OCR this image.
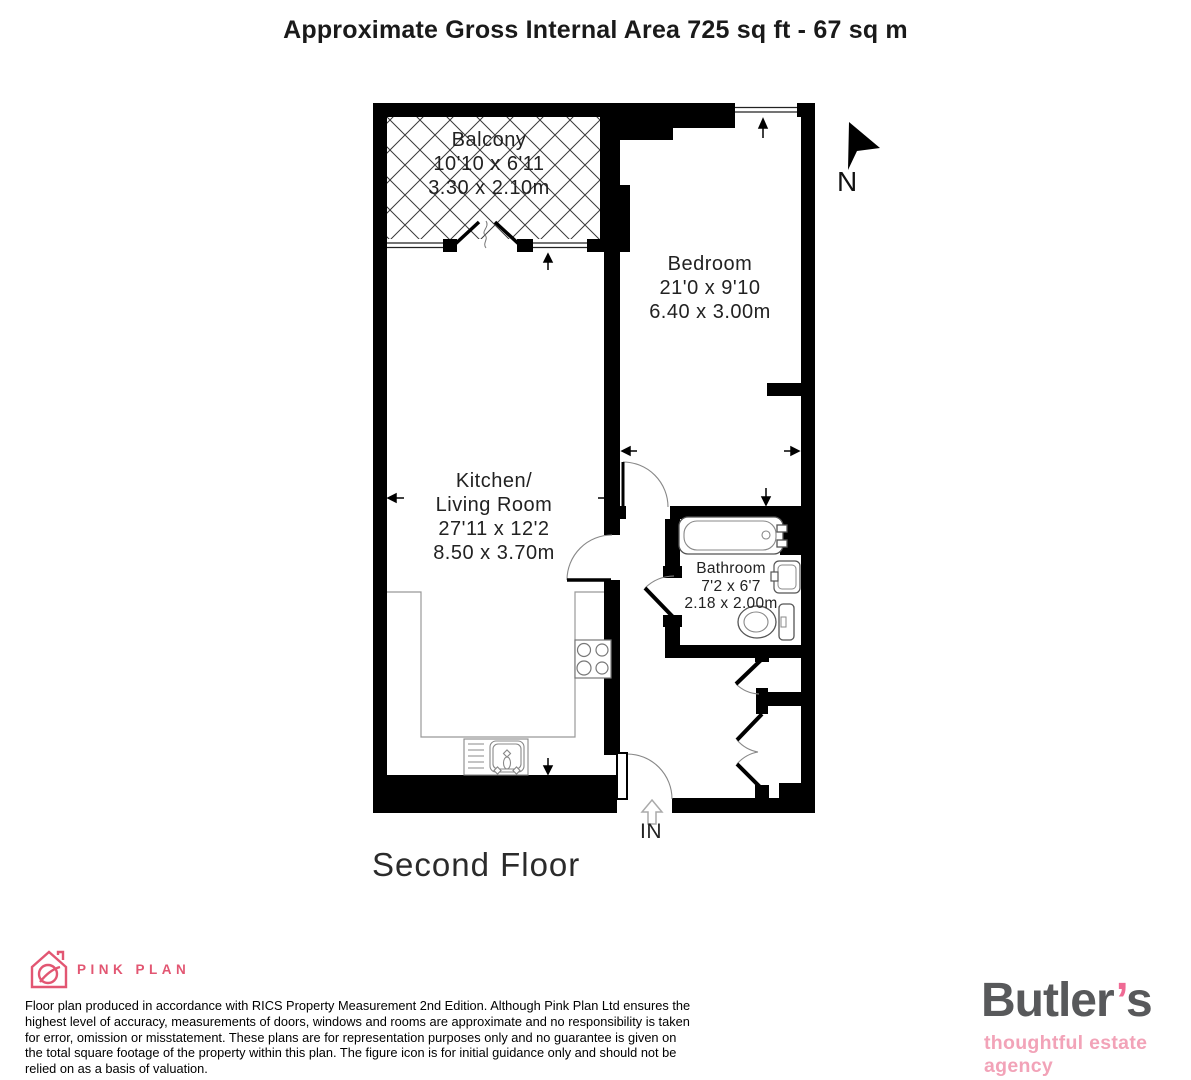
Approximate Gross Internal Area 725 sq ft - 67 sq m
Balcony
10'10 x 6'11
3.30 x 2.10m
Bedroom
21'0 x 9'10
6.40 x 3.00m
Kitchen/
Living Room
27'11 x 12'2
8.50 x 3.70m
Bathroom
7'2 x 6'7
2.18 x 2.00m
N
IN
Second Floor
PINK PLAN
Floor plan produced in accordance with RICS Property Measurement 2nd Edition. Although Pink Plan Ltd ensures the highest level of accuracy, measurements of doors, windows and rooms are approximate and no responsibility is taken for error, omission or misstatement. These plans are for representation purposes only and no guarantee is given on the total square footage of the property within this plan. The figure icon is for initial guidance only and should not be relied on as a basis of valuation.
Butler’s
thoughtful estate agency
